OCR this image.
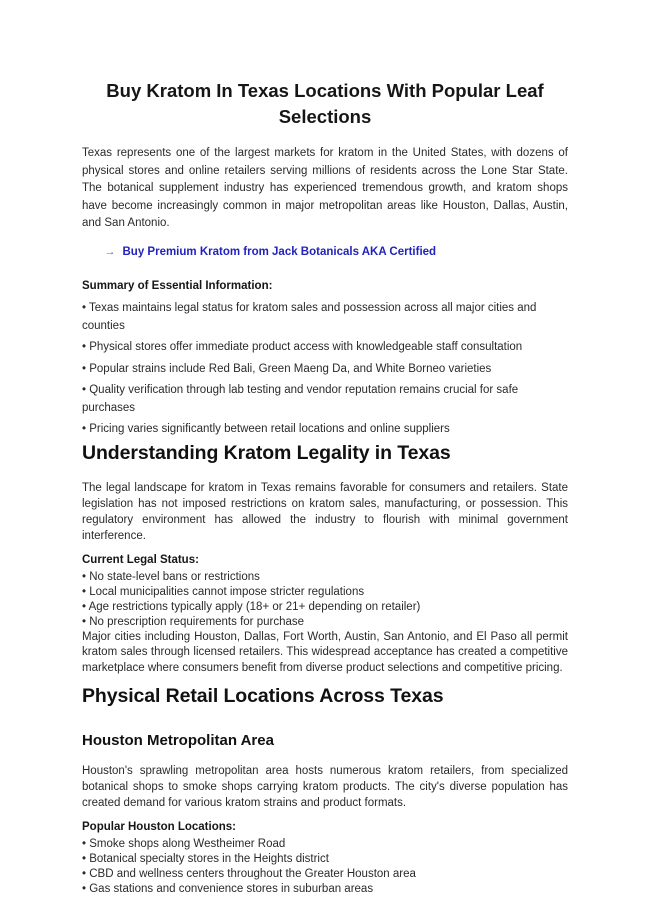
Buy Kratom In Texas Locations With Popular Leaf Selections

Texas represents one of the largest markets for kratom in the United States, with dozens of physical stores and online retailers serving millions of residents across the Lone Star State. The botanical supplement industry has experienced tremendous growth, and kratom shops have become increasingly common in major metropolitan areas like Houston, Dallas, Austin, and San Antonio.

→ Buy Premium Kratom from Jack Botanicals AKA Certified
Summary of Essential Information:
• Texas maintains legal status for kratom sales and possession across all major cities and counties
• Physical stores offer immediate product access with knowledgeable staff consultation
• Popular strains include Red Bali, Green Maeng Da, and White Borneo varieties
• Quality verification through lab testing and vendor reputation remains crucial for safe purchases
• Pricing varies significantly between retail locations and online suppliers
Understanding Kratom Legality in Texas

The legal landscape for kratom in Texas remains favorable for consumers and retailers. State legislation has not imposed restrictions on kratom sales, manufacturing, or possession. This regulatory environment has allowed the industry to flourish with minimal government interference.

Current Legal Status:
• No state-level bans or restrictions
• Local municipalities cannot impose stricter regulations
• Age restrictions typically apply (18+ or 21+ depending on retailer)
• No prescription requirements for purchase

Major cities including Houston, Dallas, Fort Worth, Austin, San Antonio, and El Paso all permit kratom sales through licensed retailers. This widespread acceptance has created a competitive marketplace where consumers benefit from diverse product selections and competitive pricing.

Physical Retail Locations Across Texas
Houston Metropolitan Area

Houston's sprawling metropolitan area hosts numerous kratom retailers, from specialized botanical shops to smoke shops carrying kratom products. The city's diverse population has created demand for various kratom strains and product formats.

Popular Houston Locations:
• Smoke shops along Westheimer Road
• Botanical specialty stores in the Heights district
• CBD and wellness centers throughout the Greater Houston area
• Gas stations and convenience stores in suburban areas
